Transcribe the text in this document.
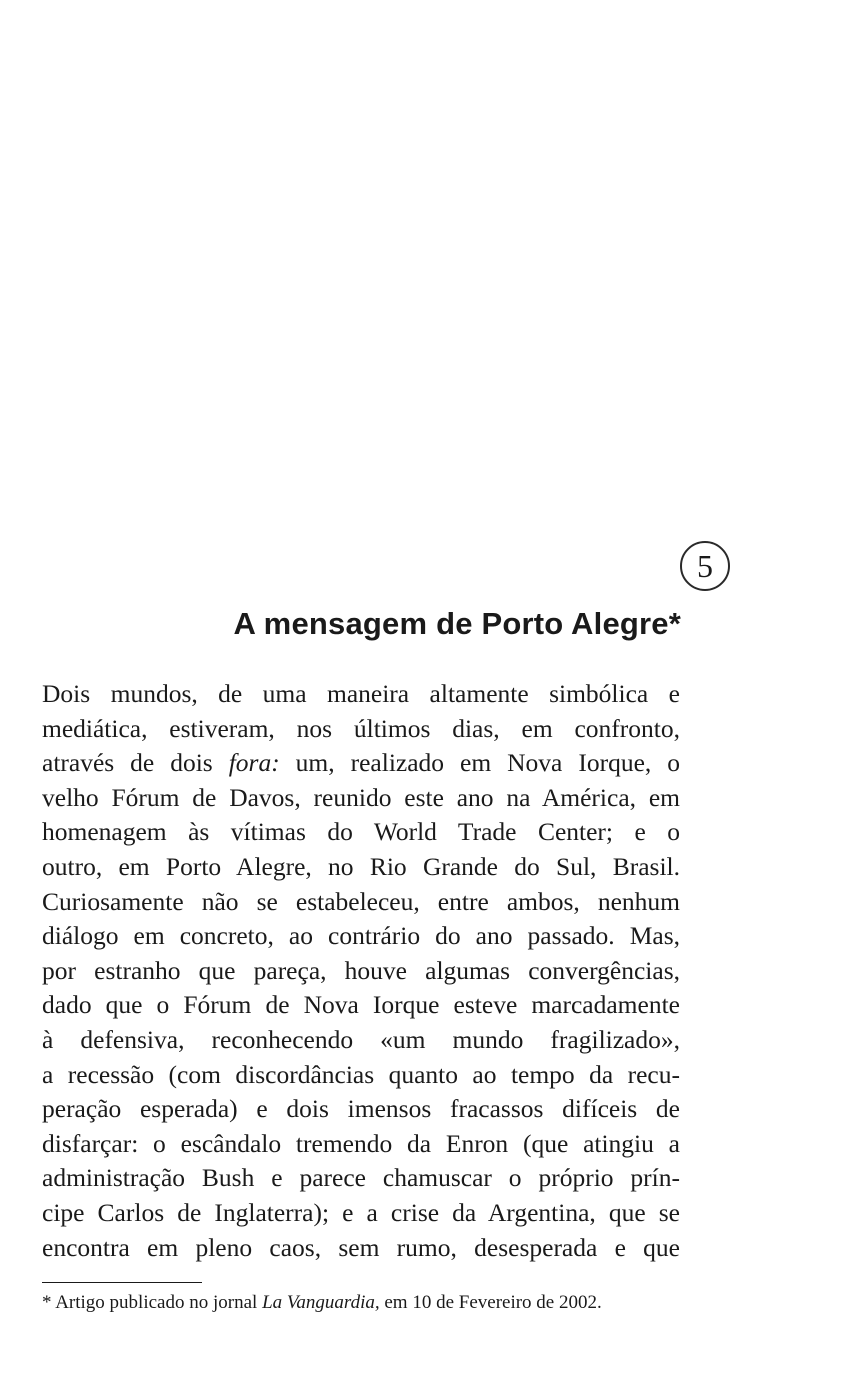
5
A mensagem de Porto Alegre*
Dois mundos, de uma maneira altamente simbólica e
mediática, estiveram, nos últimos dias, em confronto,
através de dois fora: um, realizado em Nova Iorque, o
velho Fórum de Davos, reunido este ano na América, em
homenagem às vítimas do World Trade Center; e o
outro, em Porto Alegre, no Rio Grande do Sul, Brasil.
Curiosamente não se estabeleceu, entre ambos, nenhum
diálogo em concreto, ao contrário do ano passado. Mas,
por estranho que pareça, houve algumas convergências,
dado que o Fórum de Nova Iorque esteve marcadamente
à defensiva, reconhecendo «um mundo fragilizado»,
a recessão (com discordâncias quanto ao tempo da recu-
peração esperada) e dois imensos fracassos difíceis de
disfarçar: o escândalo tremendo da Enron (que atingiu a
administração Bush e parece chamuscar o próprio prín-
cipe Carlos de Inglaterra); e a crise da Argentina, que se
encontra em pleno caos, sem rumo, desesperada e que

* Artigo publicado no jornal La Vanguardia, em 10 de Fevereiro de 2002.
